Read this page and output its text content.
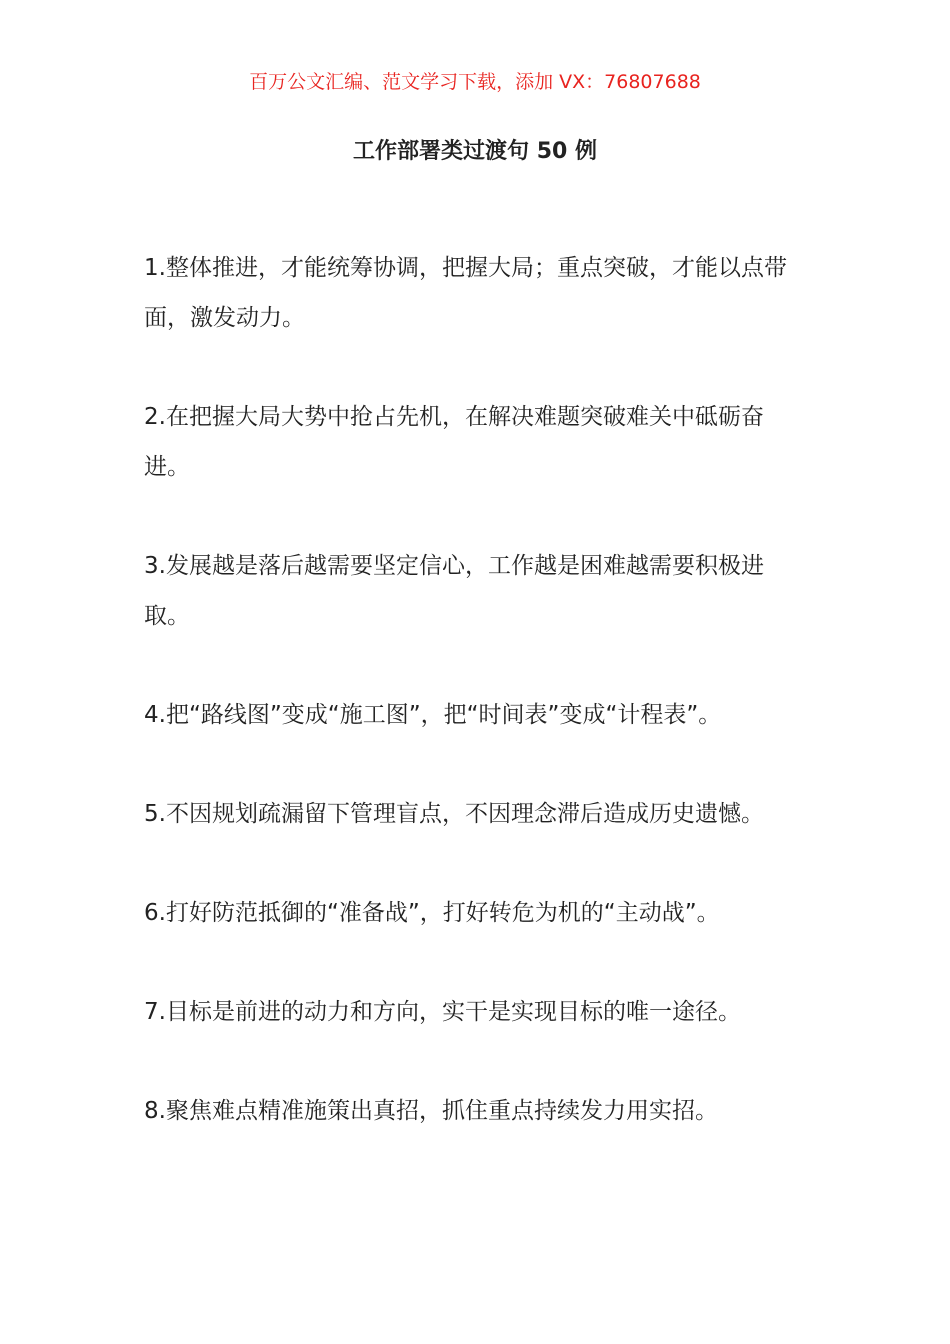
百万公文汇编、范文学习下载，添加 VX：76807688
工作部署类过渡句 50 例
1.整体推进，才能统筹协调，把握大局；重点突破，才能以点带面，激发动力。
2.在把握大局大势中抢占先机，在解决难题突破难关中砥砺奋进。
3.发展越是落后越需要坚定信心，工作越是困难越需要积极进取。
4.把“路线图”变成“施工图”，把“时间表”变成“计程表”。
5.不因规划疏漏留下管理盲点，不因理念滞后造成历史遗憾。
6.打好防范抵御的“准备战”，打好转危为机的“主动战”。
7.目标是前进的动力和方向，实干是实现目标的唯一途径。
8.聚焦难点精准施策出真招，抓住重点持续发力用实招。
